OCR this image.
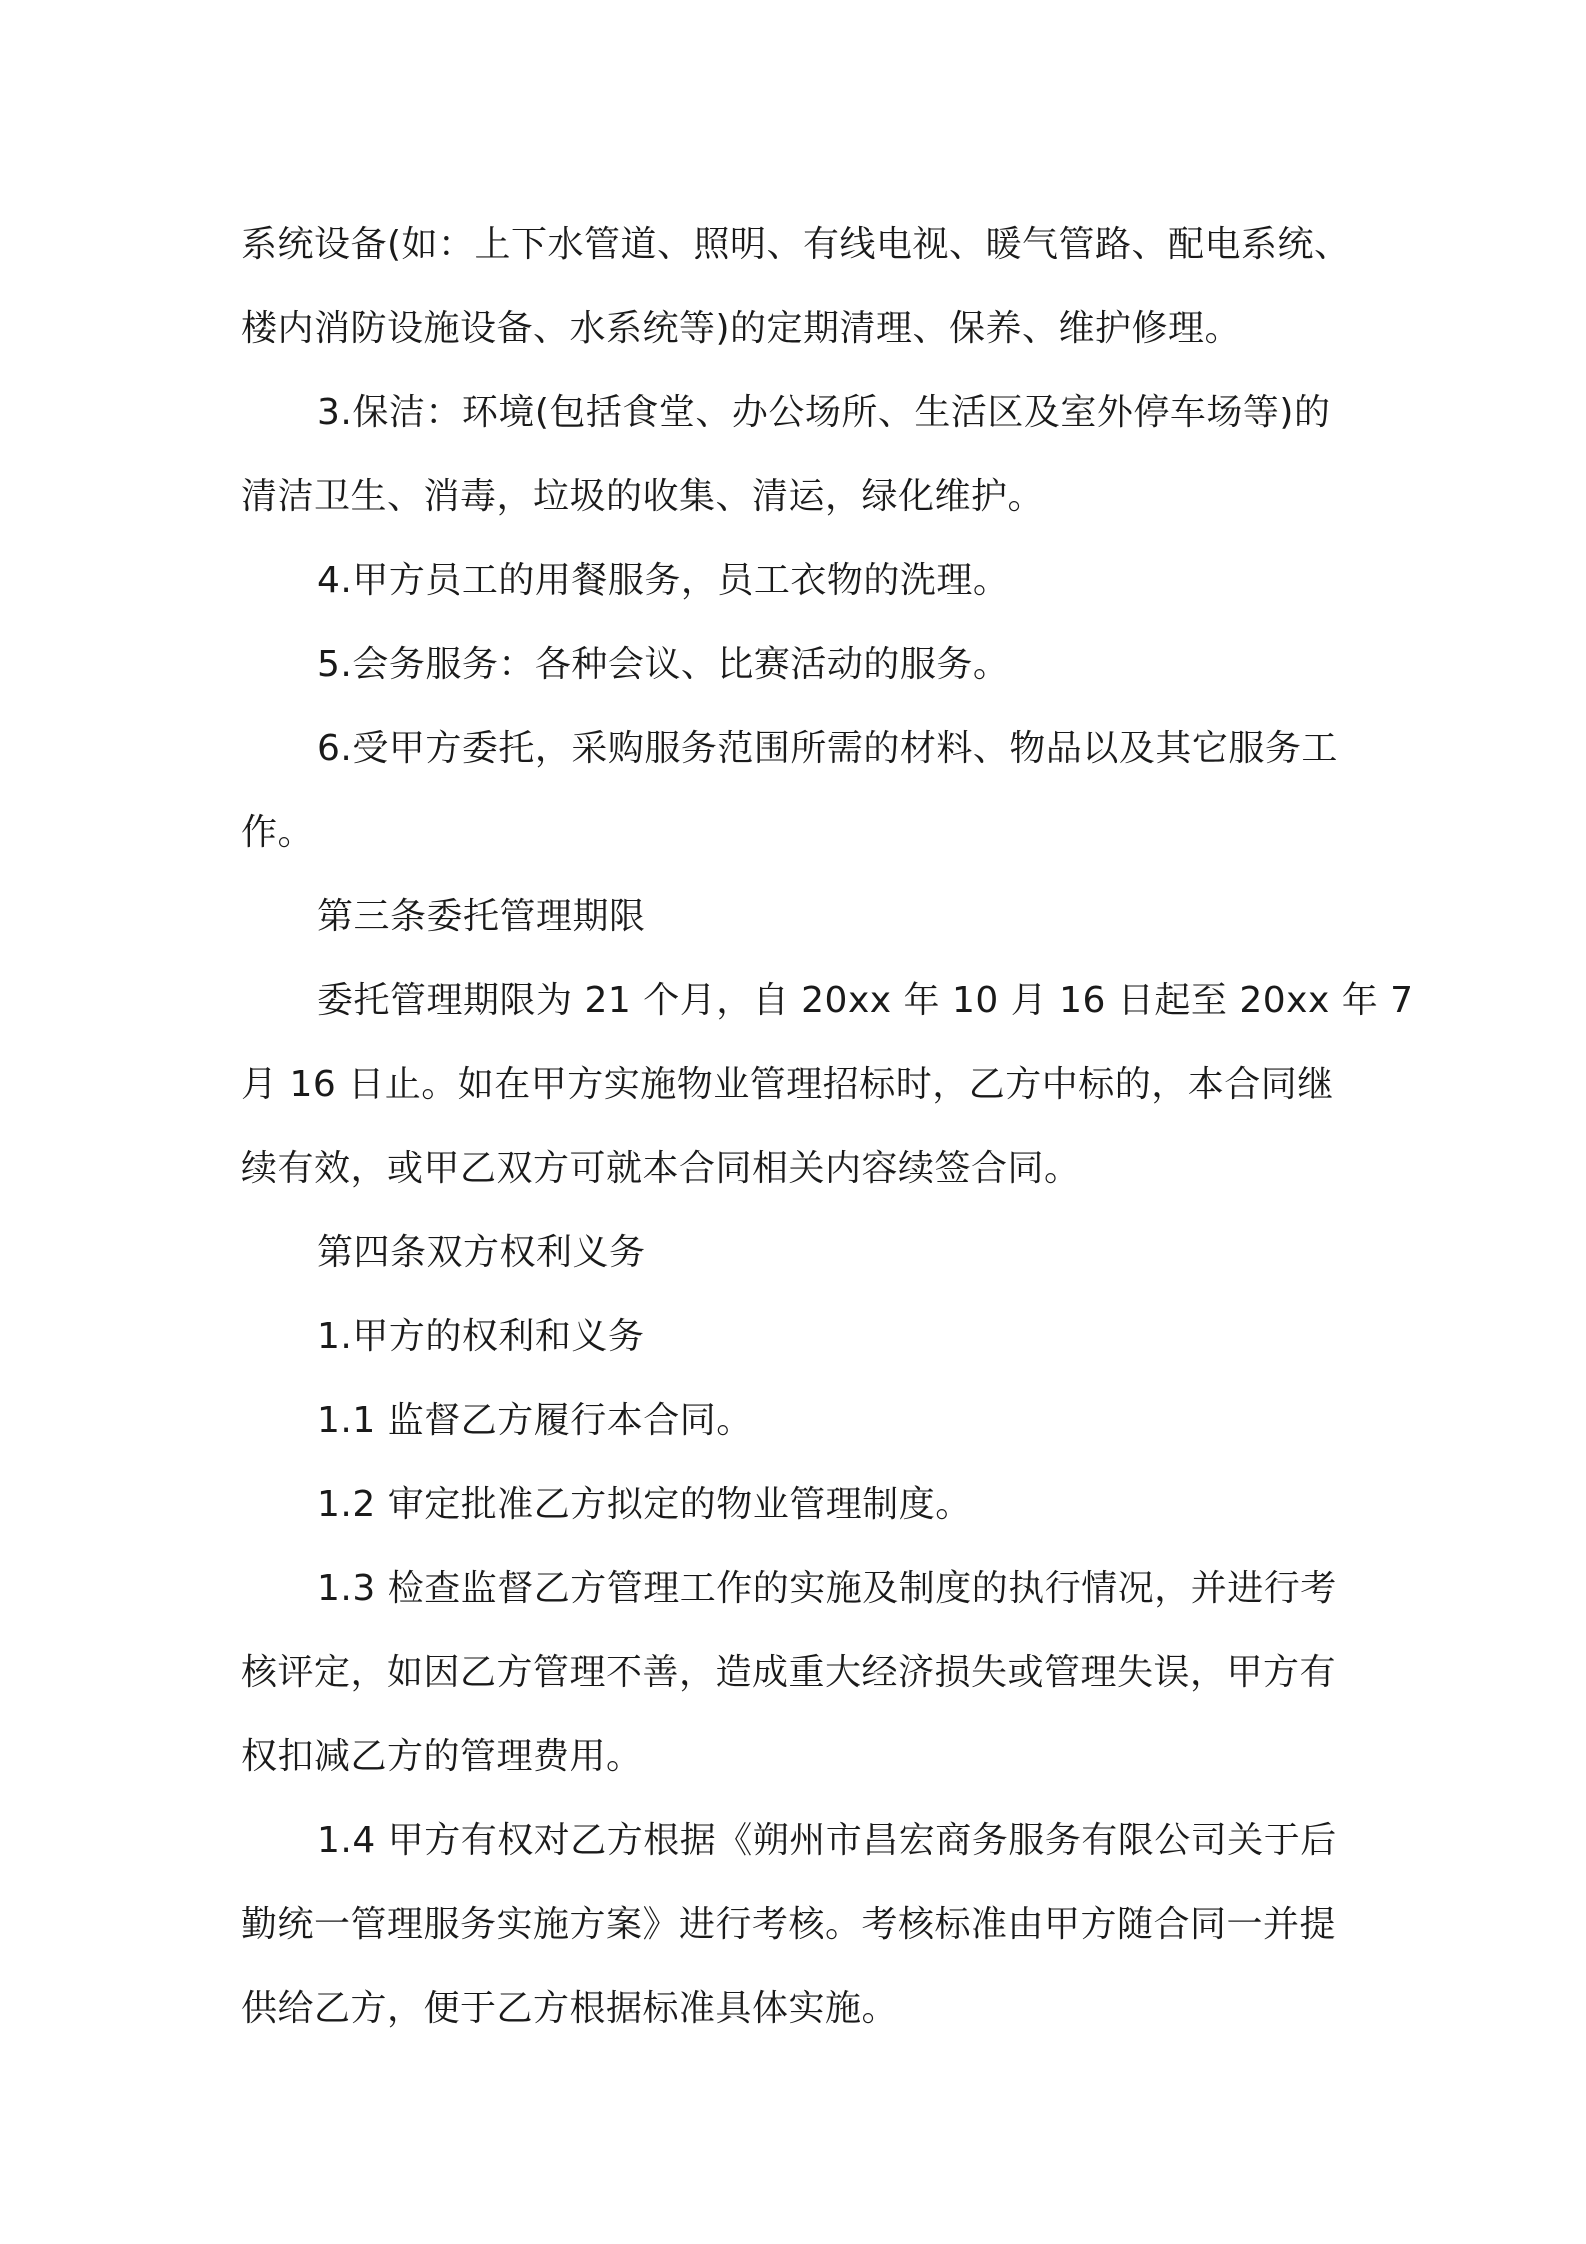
系统设备(如：上下水管道、照明、有线电视、暖气管路、配电系统、
楼内消防设施设备、水系统等)的定期清理、保养、维护修理。

3.保洁：环境(包括食堂、办公场所、生活区及室外停车场等)的
清洁卫生、消毒，垃圾的收集、清运，绿化维护。

4.甲方员工的用餐服务，员工衣物的洗理。

5.会务服务：各种会议、比赛活动的服务。

6.受甲方委托，采购服务范围所需的材料、物品以及其它服务工
作。

第三条委托管理期限

委托管理期限为 21 个月，自 20xx 年 10 月 16 日起至 20xx 年 7
月 16 日止。如在甲方实施物业管理招标时，乙方中标的，本合同继
续有效，或甲乙双方可就本合同相关内容续签合同。

第四条双方权利义务

1.甲方的权利和义务

1.1 监督乙方履行本合同。

1.2 审定批准乙方拟定的物业管理制度。

1.3 检查监督乙方管理工作的实施及制度的执行情况，并进行考
核评定，如因乙方管理不善，造成重大经济损失或管理失误，甲方有
权扣减乙方的管理费用。

1.4 甲方有权对乙方根据《朔州市昌宏商务服务有限公司关于后
勤统一管理服务实施方案》进行考核。考核标准由甲方随合同一并提
供给乙方，便于乙方根据标准具体实施。
